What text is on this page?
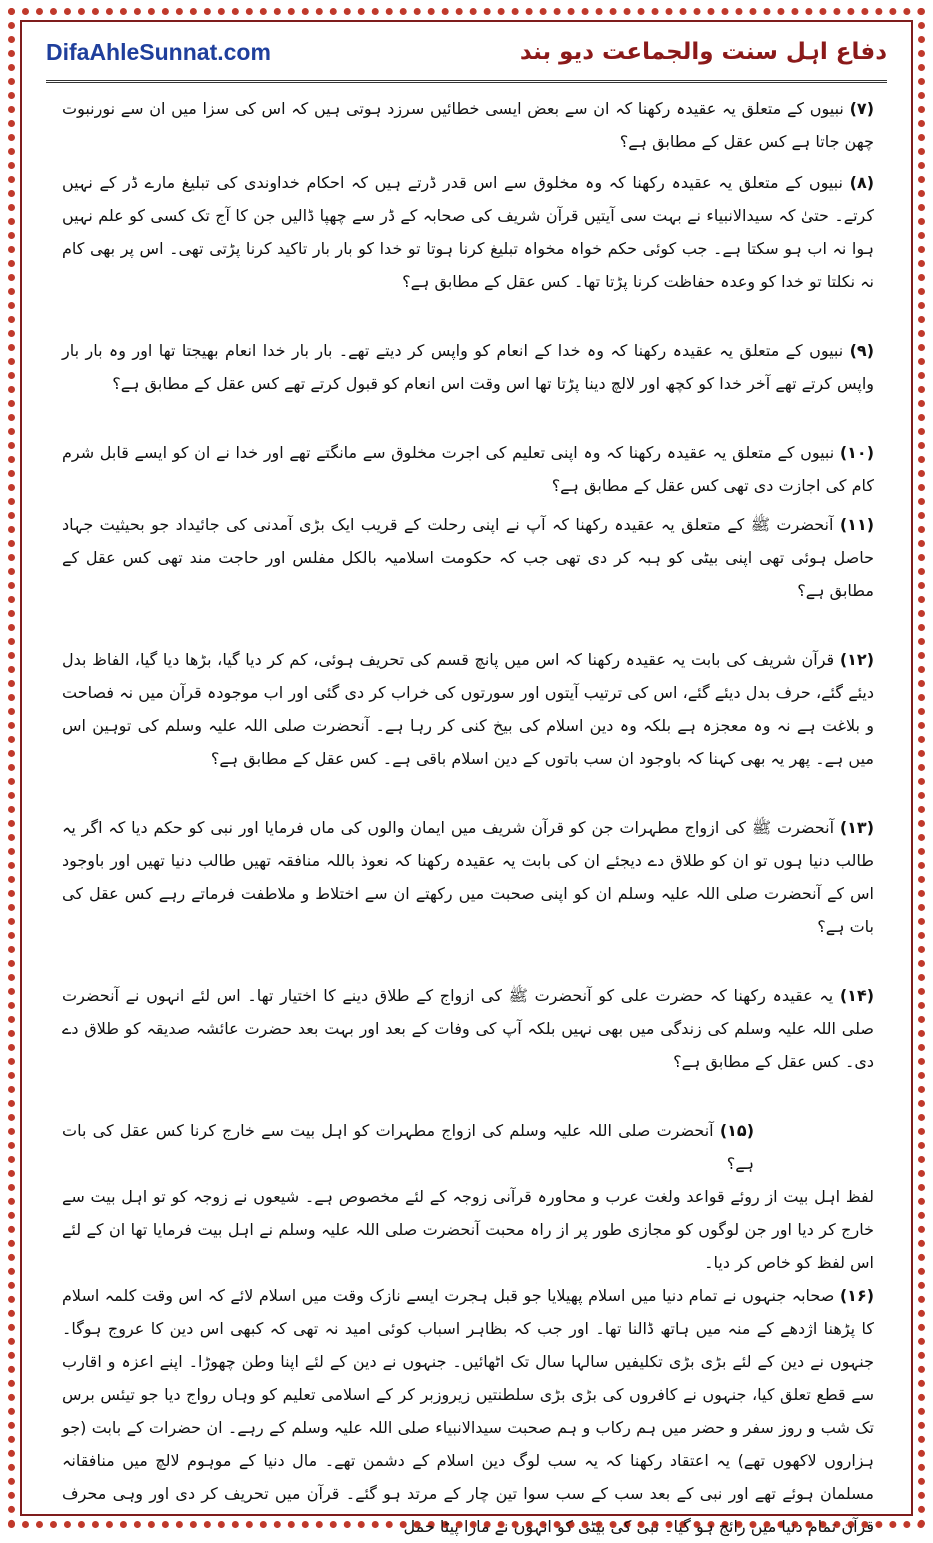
DifaAhleSunnat.com	دفاع اہل سنت والجماعت دیو بند

(۷) نبیوں کے متعلق یہ عقیدہ رکھنا کہ ان سے بعض ایسی خطائیں سرزد ہوتی ہیں کہ اس کی سزا میں ان سے نورنبوت چھن جاتا ہے کس عقل کے مطابق ہے؟

(۸) نبیوں کے متعلق یہ عقیدہ رکھنا کہ وہ مخلوق سے اس قدر ڈرتے ہیں کہ احکام خداوندی کی تبلیغ مارے ڈر کے نہیں کرتے۔ حتیٰ کہ سیدالانبیاء نے بہت سی آیتیں قرآن شریف کی صحابہ کے ڈر سے چھپا ڈالیں جن کا آج تک کسی کو علم نہیں ہوا نہ اب ہو سکتا ہے۔ جب کوئی حکم خواہ مخواہ تبلیغ کرنا ہوتا تو خدا کو بار بار تاکید کرنا پڑتی تھی۔ اس پر بھی کام نہ نکلتا تو خدا کو وعدہ حفاظت کرنا پڑتا تھا۔ کس عقل کے مطابق ہے؟

(۹) نبیوں کے متعلق یہ عقیدہ رکھنا کہ وہ خدا کے انعام کو واپس کر دیتے تھے۔ بار بار خدا انعام بھیجتا تھا اور وہ بار بار واپس کرتے تھے آخر خدا کو کچھ اور لالچ دینا پڑتا تھا اس وقت اس انعام کو قبول کرتے تھے کس عقل کے مطابق ہے؟

(۱۰) نبیوں کے متعلق یہ عقیدہ رکھنا کہ وہ اپنی تعلیم کی اجرت مخلوق سے مانگتے تھے اور خدا نے ان کو ایسے قابل شرم کام کی اجازت دی تھی کس عقل کے مطابق ہے؟

(۱۱) آنحضرت ﷺ کے متعلق یہ عقیدہ رکھنا کہ آپ نے اپنی رحلت کے قریب ایک بڑی آمدنی کی جائیداد جو بحیثیت جہاد حاصل ہوئی تھی اپنی بیٹی کو ہبہ کر دی تھی جب کہ حکومت اسلامیہ بالکل مفلس اور حاجت مند تھی کس عقل کے مطابق ہے؟

(۱۲) قرآن شریف کی بابت یہ عقیدہ رکھنا کہ اس میں پانچ قسم کی تحریف ہوئی، کم کر دیا گیا، بڑھا دیا گیا، الفاظ بدل دیئے گئے، حرف بدل دیئے گئے، اس کی ترتیب آیتوں اور سورتوں کی خراب کر دی گئی اور اب موجودہ قرآن میں نہ فصاحت و بلاغت ہے نہ وہ معجزہ ہے بلکہ وہ دین اسلام کی بیخ کنی کر رہا ہے۔ آنحضرت صلی اللہ علیہ وسلم کی توہین اس میں ہے۔ پھر یہ بھی کہنا کہ باوجود ان سب باتوں کے دین اسلام باقی ہے۔ کس عقل کے مطابق ہے؟

(۱۳) آنحضرت ﷺ کی ازواج مطہرات جن کو قرآن شریف میں ایمان والوں کی ماں فرمایا اور نبی کو حکم دیا کہ اگر یہ طالب دنیا ہوں تو ان کو طلاق دے دیجئے ان کی بابت یہ عقیدہ رکھنا کہ نعوذ باللہ منافقہ تھیں طالب دنیا تھیں اور باوجود اس کے آنحضرت صلی اللہ علیہ وسلم ان کو اپنی صحبت میں رکھتے ان سے اختلاط و ملاطفت فرماتے رہے کس عقل کی بات ہے؟

(۱۴) یہ عقیدہ رکھنا کہ حضرت علی کو آنحضرت ﷺ کی ازواج کے طلاق دینے کا اختیار تھا۔ اس لئے انہوں نے آنحضرت صلی اللہ علیہ وسلم کی زندگی میں بھی نہیں بلکہ آپ کی وفات کے بعد اور بہت بعد حضرت عائشہ صدیقہ کو طلاق دے دی۔ کس عقل کے مطابق ہے؟

(۱۵) آنحضرت صلی اللہ علیہ وسلم کی ازواج مطہرات کو اہل بیت سے خارج کرنا کس عقل کی بات ہے؟

لفظ اہل بیت از روئے قواعد ولغت عرب و محاورہ قرآنی زوجہ کے لئے مخصوص ہے۔ شیعوں نے زوجہ کو تو اہل بیت سے خارج کر دیا اور جن لوگوں کو مجازی طور پر از راہ محبت آنحضرت صلی اللہ علیہ وسلم نے اہل بیت فرمایا تھا ان کے لئے اس لفظ کو خاص کر دیا۔

(۱۶) صحابہ جنہوں نے تمام دنیا میں اسلام پھیلایا جو قبل ہجرت ایسے نازک وقت میں اسلام لائے کہ اس وقت کلمہ اسلام کا پڑھنا اژدھے کے منہ میں ہاتھ ڈالنا تھا۔ اور جب کہ بظاہر اسباب کوئی امید نہ تھی کہ کبھی اس دین کا عروج ہوگا۔ جنہوں نے دین کے لئے بڑی بڑی تکلیفیں سالہا سال تک اٹھائیں۔ جنہوں نے دین کے لئے اپنا وطن چھوڑا۔ اپنے اعزہ و اقارب سے قطع تعلق کیا، جنہوں نے کافروں کی بڑی بڑی سلطنتیں زیروزبر کر کے اسلامی تعلیم کو وہاں رواج دیا جو تیئس برس تک شب و روز سفر و حضر میں ہم رکاب و ہم صحبت سیدالانبیاء صلی اللہ علیہ وسلم کے رہے۔ ان حضرات کے بابت (جو ہزاروں لاکھوں تھے) یہ اعتقاد رکھنا کہ یہ سب لوگ دین اسلام کے دشمن تھے۔ مال دنیا کے موہوم لالچ میں منافقانہ مسلمان ہوئے تھے اور نبی کے بعد سب کے سب سوا تین چار کے مرتد ہو گئے۔ قرآن میں تحریف کر دی اور وہی محرف قرآن تمام دنیا میں رائج ہو گیا۔ نبی کی بیٹی کو انہوں نے مارا پیٹا حمل
